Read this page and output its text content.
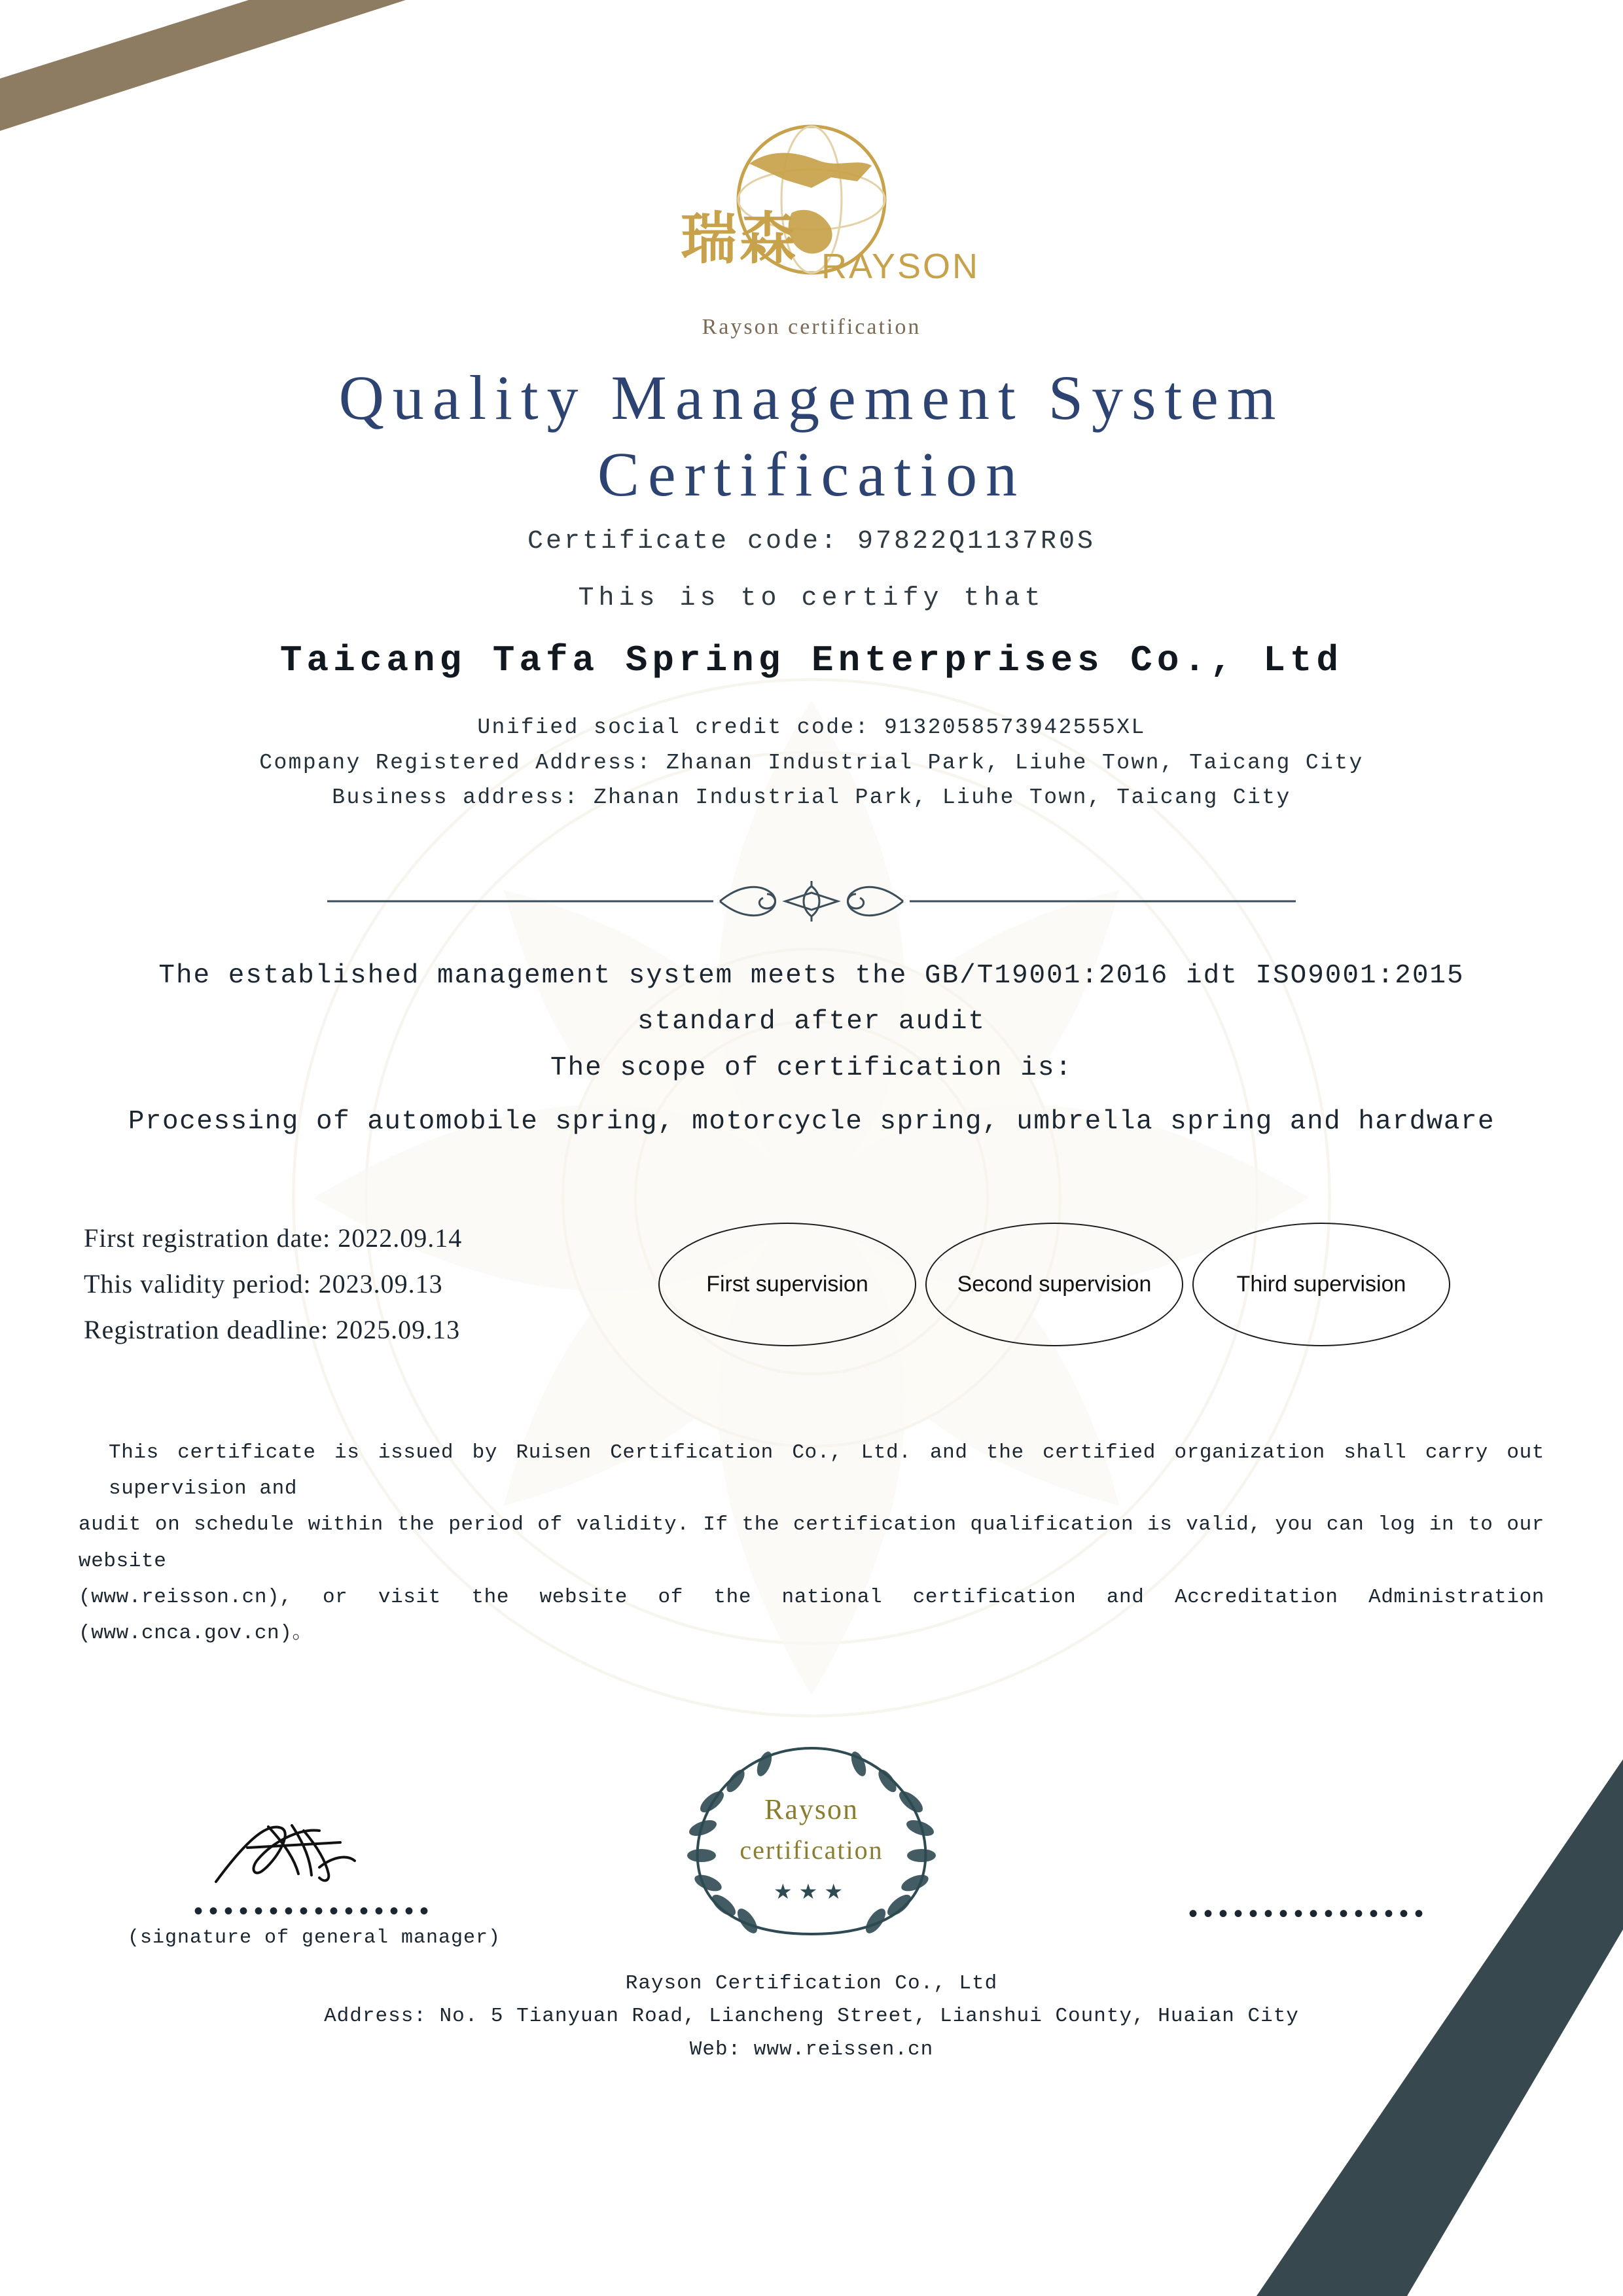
瑞森 RAYSON
Rayson certification
Quality Management System
Certification
Certificate code: 97822Q1137R0S
This is to certify that
Taicang Tafa Spring Enterprises Co., Ltd
Unified social credit code: 9132058573942555XL
Company Registered Address: Zhanan Industrial Park, Liuhe Town, Taicang City
Business address: Zhanan Industrial Park, Liuhe Town, Taicang City
The established management system meets the GB/T19001:2016 idt ISO9001:2015
standard after audit
The scope of certification is:
Processing of automobile spring, motorcycle spring, umbrella spring and hardware
First registration date: 2022.09.14
This validity period: 2023.09.13
Registration deadline: 2025.09.13
First supervision	Second supervision	Third supervision
This certificate is issued by Ruisen Certification Co., Ltd. and the certified organization shall carry out supervision and
audit on schedule within the period of validity. If the certification qualification is valid, you can log in to our website
(www.reisson.cn), or visit the website of the national certification and Accreditation Administration (www.cnca.gov.cn)。
••••••••••••••••
(signature of general manager)
Rayson
certification
★★★
••••••••••••••••
Rayson Certification Co., Ltd
Address: No. 5 Tianyuan Road, Liancheng Street, Lianshui County, Huaian City
Web: www.reissen.cn
